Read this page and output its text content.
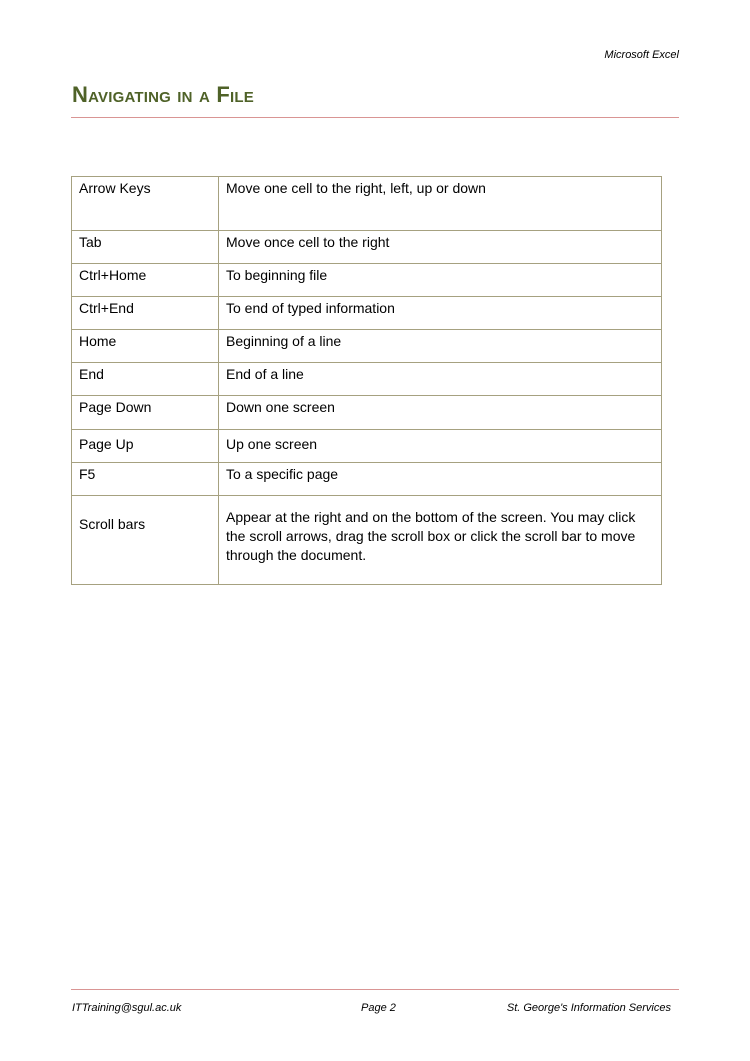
Microsoft Excel
Navigating in a File
Arrow Keys	Move one cell to the right, left, up or down
Tab	Move once cell to the right
Ctrl+Home	To beginning file
Ctrl+End	To end of typed information
Home	Beginning of a line
End	End of a line
Page Down	Down one screen
Page Up	Up one screen
F5	To a specific page
Scroll bars	Appear at the right and on the bottom of the screen. You may click the scroll arrows, drag the scroll box or click the scroll bar to move through the document.
ITTraining@sgul.ac.uk	Page 2	St. George's Information Services
